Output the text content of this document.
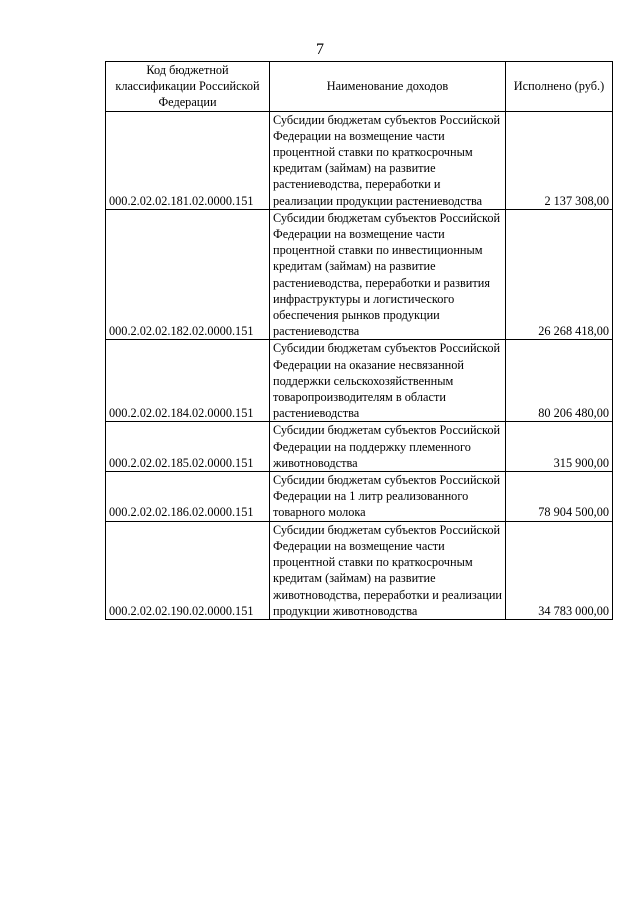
7
Код бюджетной классификации Российской Федерации	Наименование доходов	Исполнено (руб.)
000.2.02.02.181.02.0000.151	Субсидии бюджетам субъектов Российской Федерации на возмещение части процентной ставки по краткосрочным кредитам (займам) на развитие растениеводства, переработки и реализации продукции растениеводства	2 137 308,00
000.2.02.02.182.02.0000.151	Субсидии бюджетам субъектов Российской Федерации на возмещение части процентной ставки по инвестиционным кредитам (займам) на развитие растениеводства, переработки и развития инфраструктуры и логистического обеспечения рынков продукции растениеводства	26 268 418,00
000.2.02.02.184.02.0000.151	Субсидии бюджетам субъектов Российской Федерации на оказание несвязанной поддержки сельскохозяйственным товаропроизводителям в области растениеводства	80 206 480,00
000.2.02.02.185.02.0000.151	Субсидии бюджетам субъектов Российской Федерации на поддержку племенного животноводства	315 900,00
000.2.02.02.186.02.0000.151	Субсидии бюджетам субъектов Российской Федерации на 1 литр реализованного товарного молока	78 904 500,00
000.2.02.02.190.02.0000.151	Субсидии бюджетам субъектов Российской Федерации на возмещение части процентной ставки по краткосрочным кредитам (займам) на развитие животноводства, переработки и реализации продукции животноводства	34 783 000,00
